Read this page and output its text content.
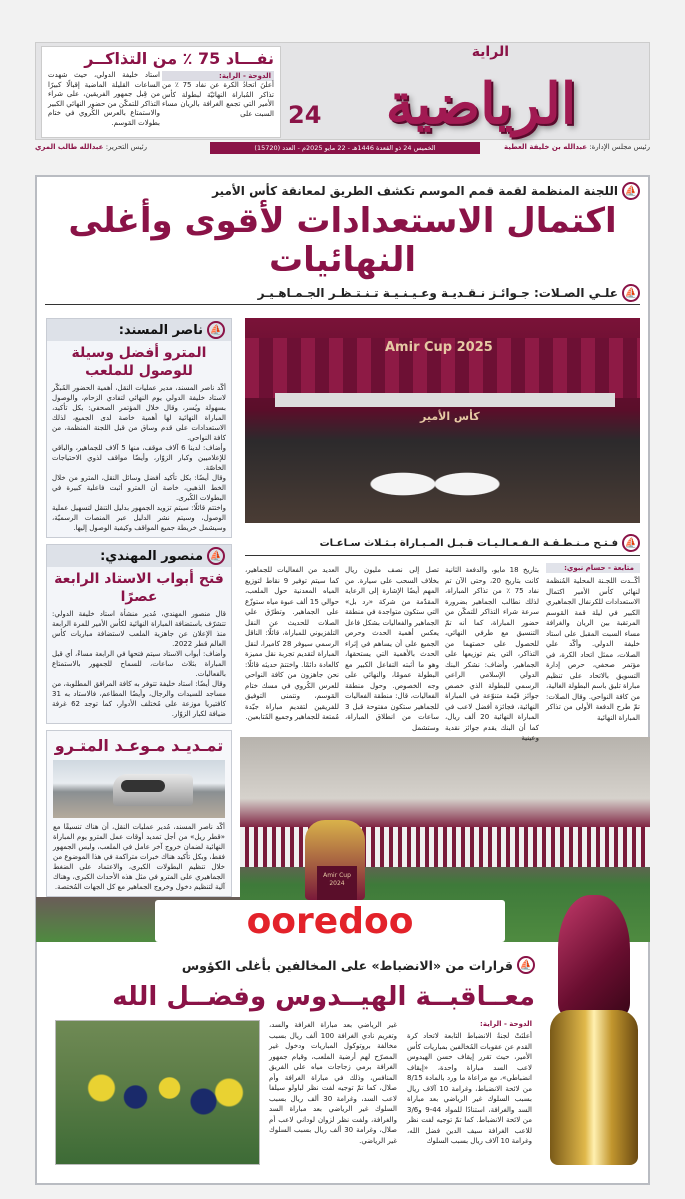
الرياضية
الراية
24
نفـــاد 75 ٪ من التذاكــر
الدوحة - الراية:
أعلنَ اتحادُ الكرة عن نفاد 75 ٪ من تذاكر المُباراة النهائيّة لبطولة كأس الأمير التي تجمع الغرافة بالريان مساء السبت على
استاد خليفة الدولي، حيث شهدت الساعات القليلة الماضية إقبالًا كبيرًا من قِبل جمهور الفريقين، على شراء التذاكر للتمكّن من حضور النهائي الكبير والاستمتاع بالعرس الكُروي في ختام بطولات المَوسم.
رئيس مجلس الإدارة: عبدالله بن خليفة العطية
الخميس 24 ذو القعدة 1446هـ - 22 مايو 2025م - العدد (15720)
رئيس التحرير: عبدالله طالب المري
⛵
اللجنة المنظمة لقمة قمم الموسم تكشف الطريق لمعانقة كأس الأمير
اكتمال الاستعدادات لأقوى وأغلى النهائيات
⛵
علـي الصـلات: جـوائـز نـقـديـة وعـيـنـيـة تـنـتـظـر الجـمـاهـيـر
⛵
ناصر المسند:
المترو أفضل وسيلة للوصول للملعب

أكّد ناصر المسند، مدير عمليات النقل، أهمية الحضور المُبكّر لاستاد خليفة الدولي يوم النهائي لتفادي الزحام، والوصول بسهولة ويُسر، وقال خلال المؤتمر الصحفي: بكل تأكيد، المباراة النهائية لها أهمية خاصة لدى الجميع، لذلك الاستعدادات على قدم وساق من قبل اللجنة المنظمة، من كافة النواحي.

وأضاف: لدينا 6 آلاف موقف، منها 5 آلاف للجماهير، والباقي للإعلاميين وكبار الزوّار، وأيضًا مواقف لذوي الاحتياجات الخاصّة.

وقال أيضًا: بكل تأكيد أفضل وسائل النقل، المترو من خلال الخط الذهبي، خاصة أن المترو أثبت فاعلية كبيرة في البطولات الكُبرى.

واختتم قائلًا: سيتم تزويد الجمهور بدليل التنقل لتسهيل عملية الوصول، وسيتم نشر الدليل عبر المنصات الرسميّة، وسيشمل خريطة جميع المواقف وكيفية الوصول إليها.

⛵
منصور المهندي:
فتح أبواب الاستاد الرابعة عصرًا

قال منصور المهندي، مُدير منشأة استاد خليفة الدولي: تتشرّف باستضافة المباراة النهائية لكأس الأمير للمرة الرابعة منذ الإعلان عن جاهزية الملعب لاستضافة مباريات كأس العالم قطر 2022.

وأضاف: أبواب الاستاد سيتم فتحها في الرابعة مساءً، أي قبل المباراة بثلاث ساعات، للسماح للجمهور بالاستمتاع بالفعاليات.

وقال أيضًا: استاد خليفة تتوفر به كافة المرافق المطلوبة، من مساجد للسيدات والرجال، وأيضًا المطاعم، فالاستاد به 31 كافتيريا موزعة على مُختلف الأدوار، كما توجد 62 غرفة ضيافة لكبار الزوّار.

تمـديـد مـوعـد المتـرو

أكّد ناصر المسند، مُدير عمليات النقل، أن هناك تنسيقًا مع «قطر ريل» من أجل تمديد أوقات عمل المترو يوم المباراة النهائية لضمان خروج آخر عامل في الملعب، وليس الجمهور فقط، وبكل تأكيد هناك خبرات متراكمة في هذا الموضوع من خلال تنظيم البطولات الكبرى، والاعتماد على الضغط الجماهيري على المترو في مثل هذه الأحداث الكبرى، وهناك آلية لتنظيم دخول وخروج الجماهير مع كل الجهات المُختصة.

Amir Cup 2025
كأس الأمير
⛵
فـتـح مـنـطـقـة الـفـعـالـيـات قـبـل المـبـاراة بـثـلاث سـاعـات
متابعة - حسام نبوي:

أكّــدت اللجـنة المحلية المُنظمة لنهائي كأس الأمير اكتمال الاستعدادات للكرنفال الجماهيري الكبير في ليلة قمة المَوسم المرتقبة بين الريان والغرافة مساء السبت المقبل على استاد خليفة الدولي. وأكّد علي الصلات، ممثل اتحاد الكرة، في مؤتمر صحفي، حرص إدارة التسويق بالاتحاد على تنظيم مباراة تليق باسم البطولة الغالية، من كافة النواحي. وقال الصلات: تمّ طرح الدفعة الأولى من تذاكر المباراة النهائية

بتاريخ 18 مايو، والدفعة الثانية كانت بتاريخ 20، وحتى الآن تم نفاد 75 ٪ من تذاكر المباراة، لذلك نطالب الجماهير بضرورة سرعة شراء التذاكر للتمكّن من حضور المباراة، كما أنه تمّ التنسيق مع طرفي النهائي، للحصول على حصتهما من التذاكر، التي يتم توزيعها على الجماهير. وأضاف: نشكر البنك الدولي الإسلامي الراعي الرسمي للبطولة الذي خصص جوائز قيّمة متنوّعة في المباراة النهائية، فجائزة أفضل لاعب في المباراة النهائية 20 ألف ريال، كما أن البنك يقدم جوائز نقدية وعينية
تصل إلى نصف مليون ريال بخلاف السحب على سيارة. من المهم أيضًا الإشارة إلى الرعاية المقدّمة من شركة «رد بل» التي ستكون متواجدة في منطقة الجماهير والفعاليات بشكل فاعل يعكس أهمية الحدث وحرص الجميع على أن يساهم في إثراء الحدث بالأهمية التي يستحقها، وهو ما أثبته التفاعل الكبير مع البطولة عمومًا، والنهائي على وجه الخصوص. وحول منطقة الفعاليات، قال: منطقة الفعاليات للجماهير ستكون مفتوحة قبل 3 ساعات من انطلاق المباراة، وستشمل
العديد من الفعاليات للجماهير، كما سيتم توفير 9 نقاط لتوزيع المياه المعدنية حول الملعب، حوالي 15 ألف عبوة مياه ستوزّع على الجماهير. وتطرّق علي الصلات للحديث عن النقل التلفزيوني للمباراة، قائلًا: الناقل الرسمي سيوفر 28 كاميرا، لنقل المباراة لتقديم تجربة نقل مميزة كالعادة دائمًا. واختتمَ حديثه قائلًا: نحن جاهزون من كافة النواحي للعرس الكُروي في مسك ختام المَوسم، ونتمنى التوفيق للفريقين لتقديم مباراة جيّدة مُمتعة للجماهير وجميع المُتابعين.
Amir Cup 2024
ooredoo
⛵
قرارات من «الانضباط» على المخالفين بأغلى الكؤوس
معــاقبــة الهيــدوس وفضــل الله
الدوحة - الراية:

أعلنَتْ لجنةُ الانضباط التابعة لاتحاد كرة القدم عن عقوبات المُخالفين بمباريات كأس الأمير، حيث تقرر إيقاف حسن الهيدوس لاعب السد مباراة واحدة، «إيقاف انضباطي»، مع مراعاة ما ورد بالمادة 8/15 من لائحة الانضباط، وغرامة 10 آلاف ريال بسبب السلوك غير الرياضي بعد مباراة السد والغرافة، استنادًا للمواد 44-9 و3/6 من لائحة الانضباط. كما تمّ توجيه لفت نظر للاعب الغرافة سيف الدين فضل الله، وغرامة 10 آلاف ريال بسبب السلوك

غير الرياضي بعد مباراة الغرافة والسد، وتغريم نادي الغرافة 100 ألف ريال بسبب مخالفة بروتوكول المباريات ودخول غير المصرّح لهم أرضية الملعب، وقيام جمهور الغرافة برمي زجاجات مياه على الفريق المنافس، وذلك في مباراة الغرافة وأم صلال، كما تمّ توجيه لفت نظر لباولو سيلفا لاعب السد، وغرامة 30 ألف ريال بسبب السلوك غير الرياضي بعد مباراة السد والغرافة، ولفت نظر لزوان لوداني لاعب أم صلال، وغرامة 30 ألف ريال بسبب السلوك غير الرياضي.
